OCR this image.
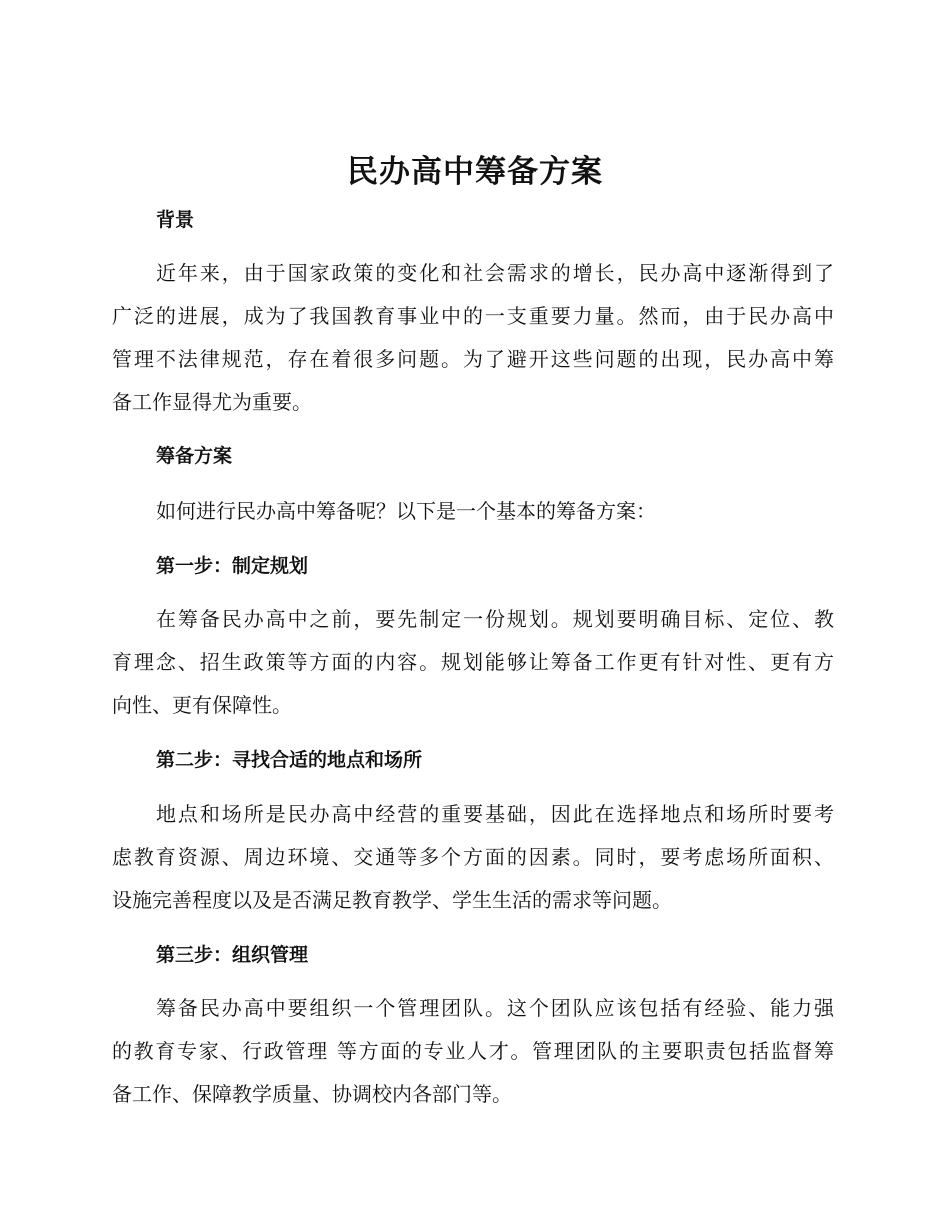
民办高中筹备方案
背景

近年来，由于国家政策的变化和社会需求的增长，民办高中逐渐得到了
广泛的进展，成为了我国教育事业中的一支重要力量。然而，由于民办高中
管理不法律规范，存在着很多问题。为了避开这些问题的出现，民办高中筹
备工作显得尤为重要。

筹备方案

如何进行民办高中筹备呢？以下是一个基本的筹备方案：

第一步：制定规划

在筹备民办高中之前，要先制定一份规划。规划要明确目标、定位、教
育理念、招生政策等方面的内容。规划能够让筹备工作更有针对性、更有方
向性、更有保障性。

第二步：寻找合适的地点和场所

地点和场所是民办高中经营的重要基础，因此在选择地点和场所时要考
虑教育资源、周边环境、交通等多个方面的因素。同时，要考虑场所面积、
设施完善程度以及是否满足教育教学、学生生活的需求等问题。

第三步：组织管理

筹备民办高中要组织一个管理团队。这个团队应该包括有经验、能力强
的教育专家、行政管理 等方面的专业人才。管理团队的主要职责包括监督筹
备工作、保障教学质量、协调校内各部门等。
